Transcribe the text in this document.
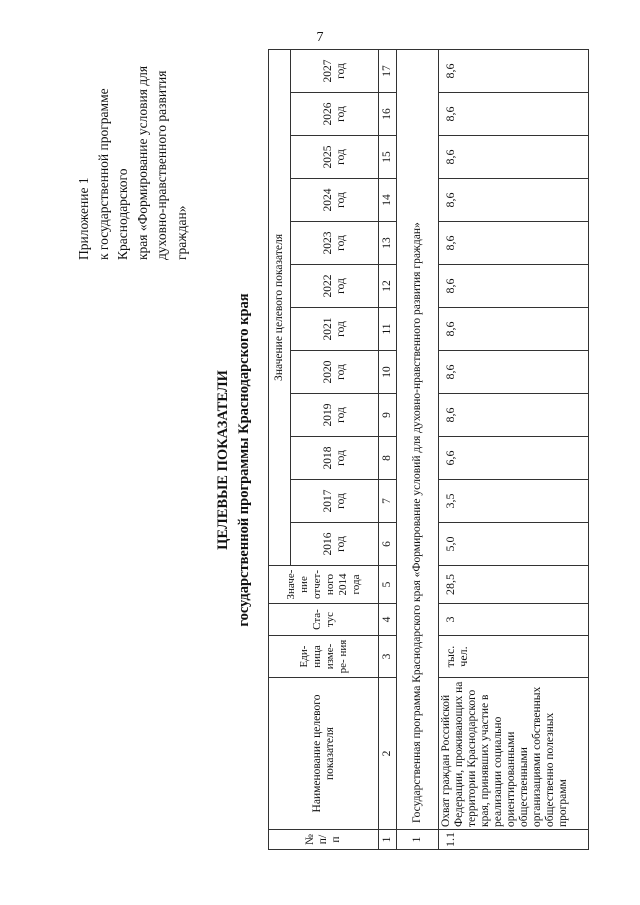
7
Приложение 1 к государственной программе Краснодарского края «Формирование условия для духовно-нравственного развития граждан»
ЦЕЛЕВЫЕ ПОКАЗАТЕЛИ государственной программы Краснодарского края
№ п/п	Наименование целевого показателя	Еди- ница изме- ре- ния	Ста- тус	Значе- ние отчет- ного 2014 года	Значение целевого показателя											
					2016 год	2017 год	2018 год	2019 год	2020 год	2021 год	2022 год	2023 год	2024 год	2025 год	2026 год	2027 год
1	2	3	4	5	6	7	8	9	10	11	12	13	14	15	16	17
1	Государственная программа Краснодарского края «Формирование условий для духовно-нравственного развития граждан»															
1.1	Охват граждан Российской Федерации, проживающих на территории Краснодарского края, принявших участие в реализации социально ориентированными общественными организациями собственных общественно полезных программ	тыс. чел.	3	28,5	5,0	3,5	6,6	8,6	8,6	8,6	8,6	8,6	8,6	8,6	8,6	8,6
